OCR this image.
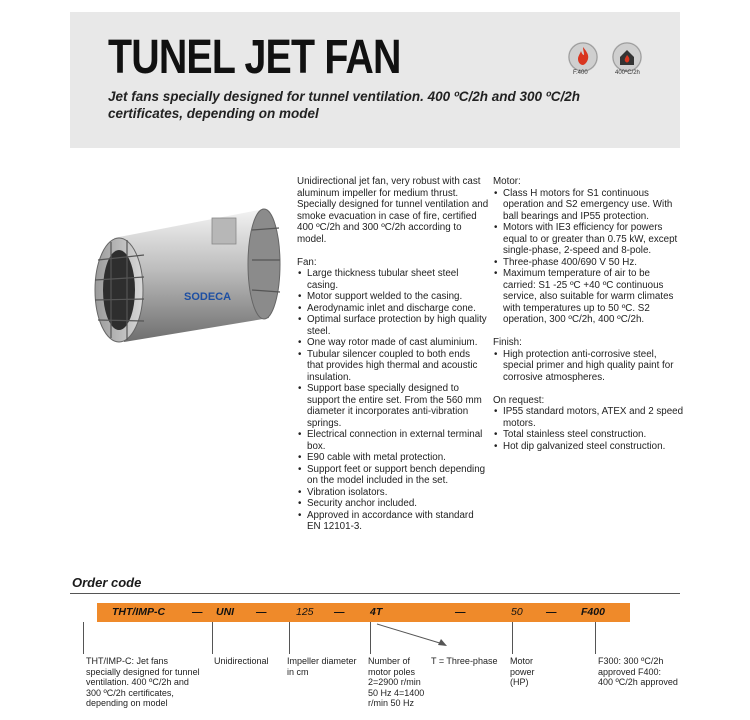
TUNEL JET FAN
Jet fans specially designed for tunnel ventilation. 400 ºC/2h and 300 ºC/2h certificates, depending on model
F.400	400ºC/2h
SODECA

Unidirectional jet fan, very robust with cast aluminum impeller for medium thrust. Specially designed for tunnel ventilation and smoke evacuation in case of fire, certified 400 ºC/2h and 300 ºC/2h according to model.

Fan:

• Large thickness tubular sheet steel casing.
• Motor support welded to the casing.
• Aerodynamic inlet and discharge cone.
• Optimal surface protection by high quality steel.
• One way rotor made of cast aluminium.
• Tubular silencer coupled to both ends that provides high thermal and acoustic insulation.
• Support base specially designed to support the entire set. From the 560 mm diameter it incorporates anti-vibration springs.
• Electrical connection in external terminal box.
• E90 cable with metal protection.
• Support feet or support bench depending on the model included in the set.
• Vibration isolators.
• Security anchor included.
• Approved in accordance with standard EN 12101-3.

Motor:

• Class H motors for S1 continuous operation and S2 emergency use. With ball bearings and IP55 protection.
• Motors with IE3 efficiency for powers equal to or greater than 0.75 kW, except single-phase, 2-speed and 8-pole.
• Three-phase 400/690 V 50 Hz.
• Maximum temperature of air to be carried: S1 -25 ºC +40 ºC continuous service, also suitable for warm climates with temperatures up to 50 ºC. S2 operation, 300 ºC/2h, 400 ºC/2h.

Finish:

• High protection anti-corrosive steel, special primer and high quality paint for corrosive atmospheres.

On request:

• IP55 standard motors, ATEX and 2 speed motors.
• Total stainless steel construction.
• Hot dip galvanized steel construction.
Order code
THT/IMP-C	— UNI —	125 — 4T	—	50 — F400
THT/IMP-C: Jet fans specially designed for tunnel ventilation. 400 ºC/2h and 300 ºC/2h certificates, depending on model
Unidirectional	Impeller diameter in cm
Number of motor poles 2=2900 r/min 50 Hz 4=1400 r/min 50 Hz
T = Three-phase	Motor power (HP)
F300: 300 ºC/2h approved F400: 400 ºC/2h approved
